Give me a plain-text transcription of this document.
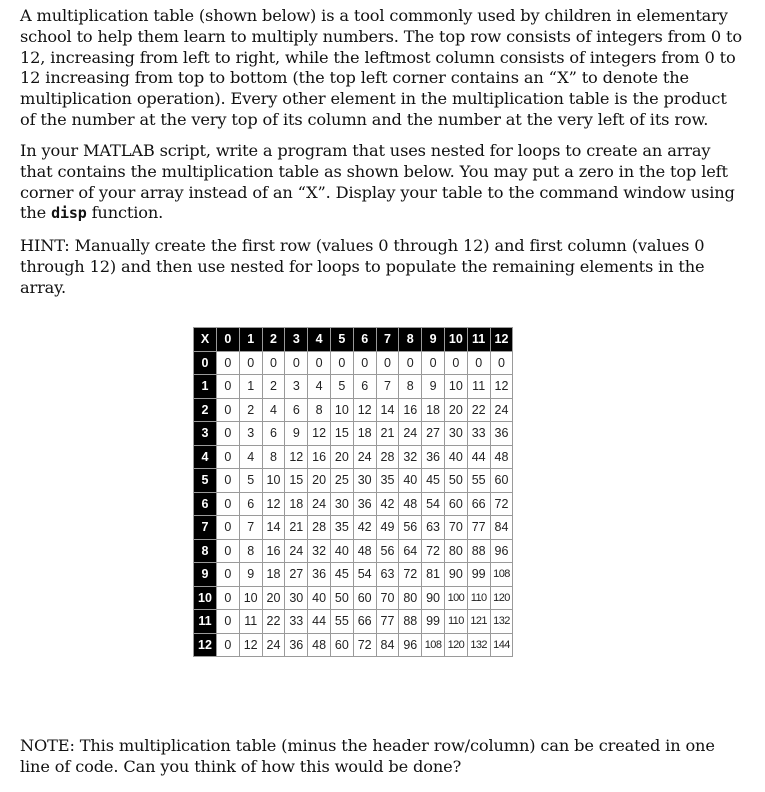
A multiplication table (shown below) is a tool commonly used by children in elementary school to help them learn to multiply numbers. The top row consists of integers from 0 to 12, increasing from left to right, while the leftmost column consists of integers from 0 to 12 increasing from top to bottom (the top left corner contains an “X” to denote the multiplication operation). Every other element in the multiplication table is the product of the number at the very top of its column and the number at the very left of its row.

In your MATLAB script, write a program that uses nested for loops to create an array that contains the multiplication table as shown below. You may put a zero in the top left corner of your array instead of an “X”. Display your table to the command window using the disp function.

HINT: Manually create the first row (values 0 through 12) and first column (values 0 through 12) and then use nested for loops to populate the remaining elements in the array.

X	0	1	2	3	4	5	6	7	8	9	10	11	12
0	0	0	0	0	0	0	0	0	0	0	0	0	0
1	0	1	2	3	4	5	6	7	8	9	10	11	12
2	0	2	4	6	8	10	12	14	16	18	20	22	24
3	0	3	6	9	12	15	18	21	24	27	30	33	36
4	0	4	8	12	16	20	24	28	32	36	40	44	48
5	0	5	10	15	20	25	30	35	40	45	50	55	60
6	0	6	12	18	24	30	36	42	48	54	60	66	72
7	0	7	14	21	28	35	42	49	56	63	70	77	84
8	0	8	16	24	32	40	48	56	64	72	80	88	96
9	0	9	18	27	36	45	54	63	72	81	90	99	108
10	0	10	20	30	40	50	60	70	80	90	100	110	120
11	0	11	22	33	44	55	66	77	88	99	110	121	132
12	0	12	24	36	48	60	72	84	96	108	120	132	144

NOTE: This multiplication table (minus the header row/column) can be created in one line of code. Can you think of how this would be done?
